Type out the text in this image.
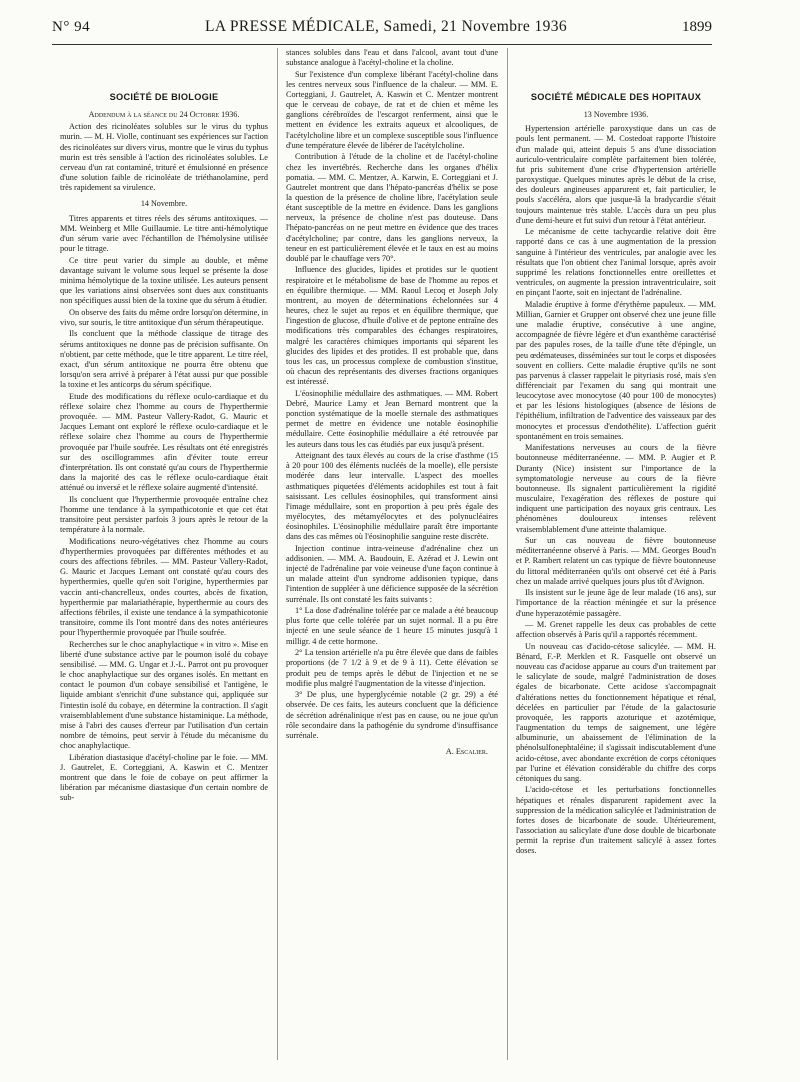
N° 94	LA PRESSE MÉDICALE, Samedi, 21 Novembre 1936	1899
SOCIÉTÉ DE BIOLOGIE

Addendum à la séance du 24 Octobre 1936.

Action des ricinoléates solubles sur le virus du typhus murin. — M. H. Violle, continuant ses expériences sur l'action des ricinoléates sur divers virus, montre que le virus du typhus murin est très sensible à l'action des ricinoléates solubles. Le cerveau d'un rat contaminé, trituré et émulsionné en présence d'une solution faible de ricinoléate de triéthanolamine, perd très rapidement sa virulence.

14 Novembre.

Titres apparents et titres réels des sérums antitoxiques. — MM. Weinberg et Mlle Guillaumie. Le titre anti-hémolytique d'un sérum varie avec l'échantillon de l'hémolysine utilisée pour le titrage.

Ce titre peut varier du simple au double, et même davantage suivant le volume sous lequel se présente la dose minima hémolytique de la toxine utilisée. Les auteurs pensent que les variations ainsi observées sont dues aux constituants non spécifiques aussi bien de la toxine que du sérum à étudier.

On observe des faits du même ordre lorsqu'on détermine, in vivo, sur souris, le titre antitoxique d'un sérum thérapeutique.

Ils concluent que la méthode classique de titrage des sérums antitoxiques ne donne pas de précision suffisante. On n'obtient, par cette méthode, que le titre apparent. Le titre réel, exact, d'un sérum antitoxique ne pourra être obtenu que lorsqu'on sera arrivé à préparer à l'état aussi pur que possible la toxine et les anticorps du sérum spécifique.

Etude des modifications du réflexe oculo-cardiaque et du réflexe solaire chez l'homme au cours de l'hyperthermie provoquée. — MM. Pasteur Vallery-Radot, G. Mauric et Jacques Lemant ont exploré le réflexe oculo-cardiaque et le réflexe solaire chez l'homme au cours de l'hyperthermie provoquée par l'huile soufrée. Les résultats ont été enregistrés sur des oscillogrammes afin d'éviter toute erreur d'interprétation. Ils ont constaté qu'au cours de l'hyperthermie dans la majorité des cas le réflexe oculo-cardiaque était atténué ou inversé et le réflexe solaire augmenté d'intensité.

Ils concluent que l'hyperthermie provoquée entraîne chez l'homme une tendance à la sympathicotonie et que cet état transitoire peut persister parfois 3 jours après le retour de la température à la normale.

Modifications neuro-végétatives chez l'homme au cours d'hyperthermies provoquées par différentes méthodes et au cours des affections fébriles. — MM. Pasteur Vallery-Radot, G. Mauric et Jacques Lemant ont constaté qu'au cours des hyperthermies, quelle qu'en soit l'origine, hyperthermies par vaccin anti-chancrelleux, ondes courtes, abcès de fixation, hyperthermie par malariathérapie, hyperthermie au cours des affections fébriles, il existe une tendance à la sympathicotonie transitoire, comme ils l'ont montré dans des notes antérieures pour l'hyperthermie provoquée par l'huile soufrée.

Recherches sur le choc anaphylactique « in vitro ». Mise en liberté d'une substance active par le poumon isolé du cobaye sensibilisé. — MM. G. Ungar et J.-L. Parrot ont pu provoquer le choc anaphylactique sur des organes isolés. En mettant en contact le poumon d'un cobaye sensibilisé et l'antigène, le liquide ambiant s'enrichit d'une substance qui, appliquée sur l'intestin isolé du cobaye, en détermine la contraction. Il s'agit vraisemblablement d'une substance histaminique. La méthode, mise à l'abri des causes d'erreur par l'utilisation d'un certain nombre de témoins, peut servir à l'étude du mécanisme du choc anaphylactique.

Libération diastasique d'acétyl-choline par le foie. — MM. J. Gautrelet, E. Corteggiani, A. Kaswin et C. Mentzer montrent que dans le foie de cobaye on peut affirmer la libération par mécanisme diastasique d'un certain nombre de sub-

stances solubles dans l'eau et dans l'alcool, avant tout d'une substance analogue à l'acétyl-choline et la choline.

Sur l'existence d'un complexe libérant l'acétyl-choline dans les centres nerveux sous l'influence de la chaleur. — MM. E. Corteggiani, J. Gautrelet, A. Kaswin et C. Mentzer montrent que le cerveau de cobaye, de rat et de chien et même les ganglions cérébroïdes de l'escargot renferment, ainsi que le mettent en évidence les extraits aqueux et alcooliques, de l'acétylcholine libre et un complexe susceptible sous l'influence d'une température élevée de libérer de l'acétylcholine.

Contribution à l'étude de la choline et de l'acétyl-choline chez les invertébrés. Recherche dans les organes d'hélix pomatia. — MM. C. Mentzer, A. Karwin, E. Corteggiani et J. Gautrelet montrent que dans l'hépato-pancréas d'hélix se pose la question de la présence de choline libre, l'acétylation seule étant susceptible de la mettre en évidence. Dans les ganglions nerveux, la présence de choline n'est pas douteuse. Dans l'hépato-pancréas on ne peut mettre en évidence que des traces d'acétylcholine; par contre, dans les ganglions nerveux, la teneur en est particulièrement élevée et le taux en est au moins doublé par le chauffage vers 70°.

Influence des glucides, lipides et protides sur le quotient respiratoire et le métabolisme de base de l'homme au repos et en équilibre thermique. — MM. Raoul Lecoq et Joseph Joly montrent, au moyen de déterminations échelonnées sur 4 heures, chez le sujet au repos et en équilibre thermique, que l'ingestion de glucose, d'huile d'olive et de peptone entraîne des modifications très comparables des échanges respiratoires, malgré les caractères chimiques importants qui séparent les glucides des lipides et des protides. Il est probable que, dans tous les cas, un processus complexe de combustion s'institue, où chacun des représentants des diverses fractions organiques est intéressé.

L'éosinophilie médullaire des asthmatiques. — MM. Robert Debré, Maurice Lamy et Jean Bernard montrent que la ponction systématique de la moelle sternale des asthmatiques permet de mettre en évidence une notable éosinophilie médullaire. Cette éosinophilie médullaire a été retrouvée par les auteurs dans tous les cas étudiés par eux jusqu'à présent.

Atteignant des taux élevés au cours de la crise d'asthme (15 à 20 pour 100 des éléments nucléés de la moelle), elle persiste modérée dans leur intervalle. L'aspect des moelles asthmatiques piquetées d'éléments acidophiles est tout à fait saisissant. Les cellules éosinophiles, qui transforment ainsi l'image médullaire, sont en proportion à peu près égale des myélocytes, des métamyélocytes et des polynucléaires éosinophiles. L'éosinophilie médullaire paraît être importante dans des cas mêmes où l'éosinophilie sanguine reste discrète.

Injection continue intra-veineuse d'adrénaline chez un addisonien. — MM. A. Baudouin, E. Azérad et J. Lewin ont injecté de l'adrénaline par voie veineuse d'une façon continue à un malade atteint d'un syndrome addisonien typique, dans l'intention de suppléer à une déficience supposée de la sécrétion surrénale. Ils ont constaté les faits suivants :

1° La dose d'adrénaline tolérée par ce malade a été beaucoup plus forte que celle tolérée par un sujet normal. Il a pu être injecté en une seule séance de 1 heure 15 minutes jusqu'à 1 milligr. 4 de cette hormone.

2° La tension artérielle n'a pu être élevée que dans de faibles proportions (de 7 1/2 à 9 et de 9 à 11). Cette élévation se produit peu de temps après le début de l'injection et ne se modifie plus malgré l'augmentation de la vitesse d'injection.

3° De plus, une hyperglycémie notable (2 gr. 29) a été observée. De ces faits, les auteurs concluent que la déficience de sécrétion adrénalinique n'est pas en cause, ou ne joue qu'un rôle secondaire dans la pathogénie du syndrome d'insuffisance surrénale.

A. Escalier.

SOCIÉTÉ MÉDICALE DES HOPITAUX

13 Novembre 1936.

Hypertension artérielle paroxystique dans un cas de pouls lent permanent. — M. Costedoat rapporte l'histoire d'un malade qui, atteint depuis 5 ans d'une dissociation auriculo-ventriculaire complète parfaitement bien tolérée, fut pris subitement d'une crise d'hypertension artérielle paroxystique. Quelques minutes après le début de la crise, des douleurs angineuses apparurent et, fait particulier, le pouls s'accéléra, alors que jusque-là la bradycardie s'était toujours maintenue très stable. L'accès dura un peu plus d'une demi-heure et fut suivi d'un retour à l'état antérieur.

Le mécanisme de cette tachycardie relative doit être rapporté dans ce cas à une augmentation de la pression sanguine à l'intérieur des ventricules, par analogie avec les résultats que l'on obtient chez l'animal lorsque, après avoir supprimé les relations fonctionnelles entre oreillettes et ventricules, on augmente la pression intraventriculaire, soit en pinçant l'aorte, soit en injectant de l'adrénaline.

Maladie éruptive à forme d'érythème papuleux. — MM. Millian, Garnier et Grupper ont observé chez une jeune fille une maladie éruptive, consécutive à une angine, accompagnée de fièvre légère et d'un exanthème caractérisé par des papules roses, de la taille d'une tête d'épingle, un peu œdémateuses, disséminées sur tout le corps et disposées souvent en colliers. Cette maladie éruptive qu'ils ne sont pas parvenus à classer rappelait le pityriasis rosé, mais s'en différenciait par l'examen du sang qui montrait une leucocytose avec monocytose (40 pour 100 de monocytes) et par les lésions histologiques (absence de lésions de l'épithélium, infiltration de l'adventice des vaisseaux par des monocytes et processus d'endothélite). L'affection guérit spontanément en trois semaines.

Manifestations nerveuses au cours de la fièvre boutonneuse méditerranéenne. — MM. P. Augier et P. Duranty (Nice) insistent sur l'importance de la symptomatologie nerveuse au cours de la fièvre boutonneuse. Ils signalent particulièrement la rigidité musculaire, l'exagération des réflexes de posture qui indiquent une participation des noyaux gris centraux. Les phénomènes douloureux intenses relèvent vraisemblablement d'une atteinte thalamique.

Sur un cas nouveau de fièvre boutonneuse méditerranéenne observé à Paris. — MM. Georges Boud'n et P. Rambert relatent un cas typique de fièvre boutonneuse du littoral méditerranéen qu'ils ont observé cet été à Paris chez un malade arrivé quelques jours plus tôt d'Avignon.

Ils insistent sur le jeune âge de leur malade (16 ans), sur l'importance de la réaction méningée et sur la présence d'une hyperazotémie passagère.

— M. Grenet rappelle les deux cas probables de cette affection observés à Paris qu'il a rapportés récemment.

Un nouveau cas d'acido-cétose salicylée. — MM. H. Bénard, F.-P. Merklen et R. Fasquelle ont observé un nouveau cas d'acidose apparue au cours d'un traitement par le salicylate de soude, malgré l'administration de doses égales de bicarbonate. Cette acidose s'accompagnait d'altérations nettes du fonctionnement hépatique et rénal, décelées en particulier par l'étude de la galactosurie provoquée, les rapports azoturique et azotémique, l'augmentation du temps de saignement, une légère albuminurie, un abaissement de l'élimination de la phénolsulfonephtaléine; il s'agissait indiscutablement d'une acido-cétose, avec abondante excrétion de corps cétoniques par l'urine et élévation considérable du chiffre des corps cétoniques du sang.

L'acido-cétose et les perturbations fonctionnelles hépatiques et rénales disparurent rapidement avec la suppression de la médication salicylée et l'administration de fortes doses de bicarbonate de soude. Ultérieurement, l'association au salicylate d'une dose double de bicarbonate permit la reprise d'un traitement salicylé à assez fortes doses.
